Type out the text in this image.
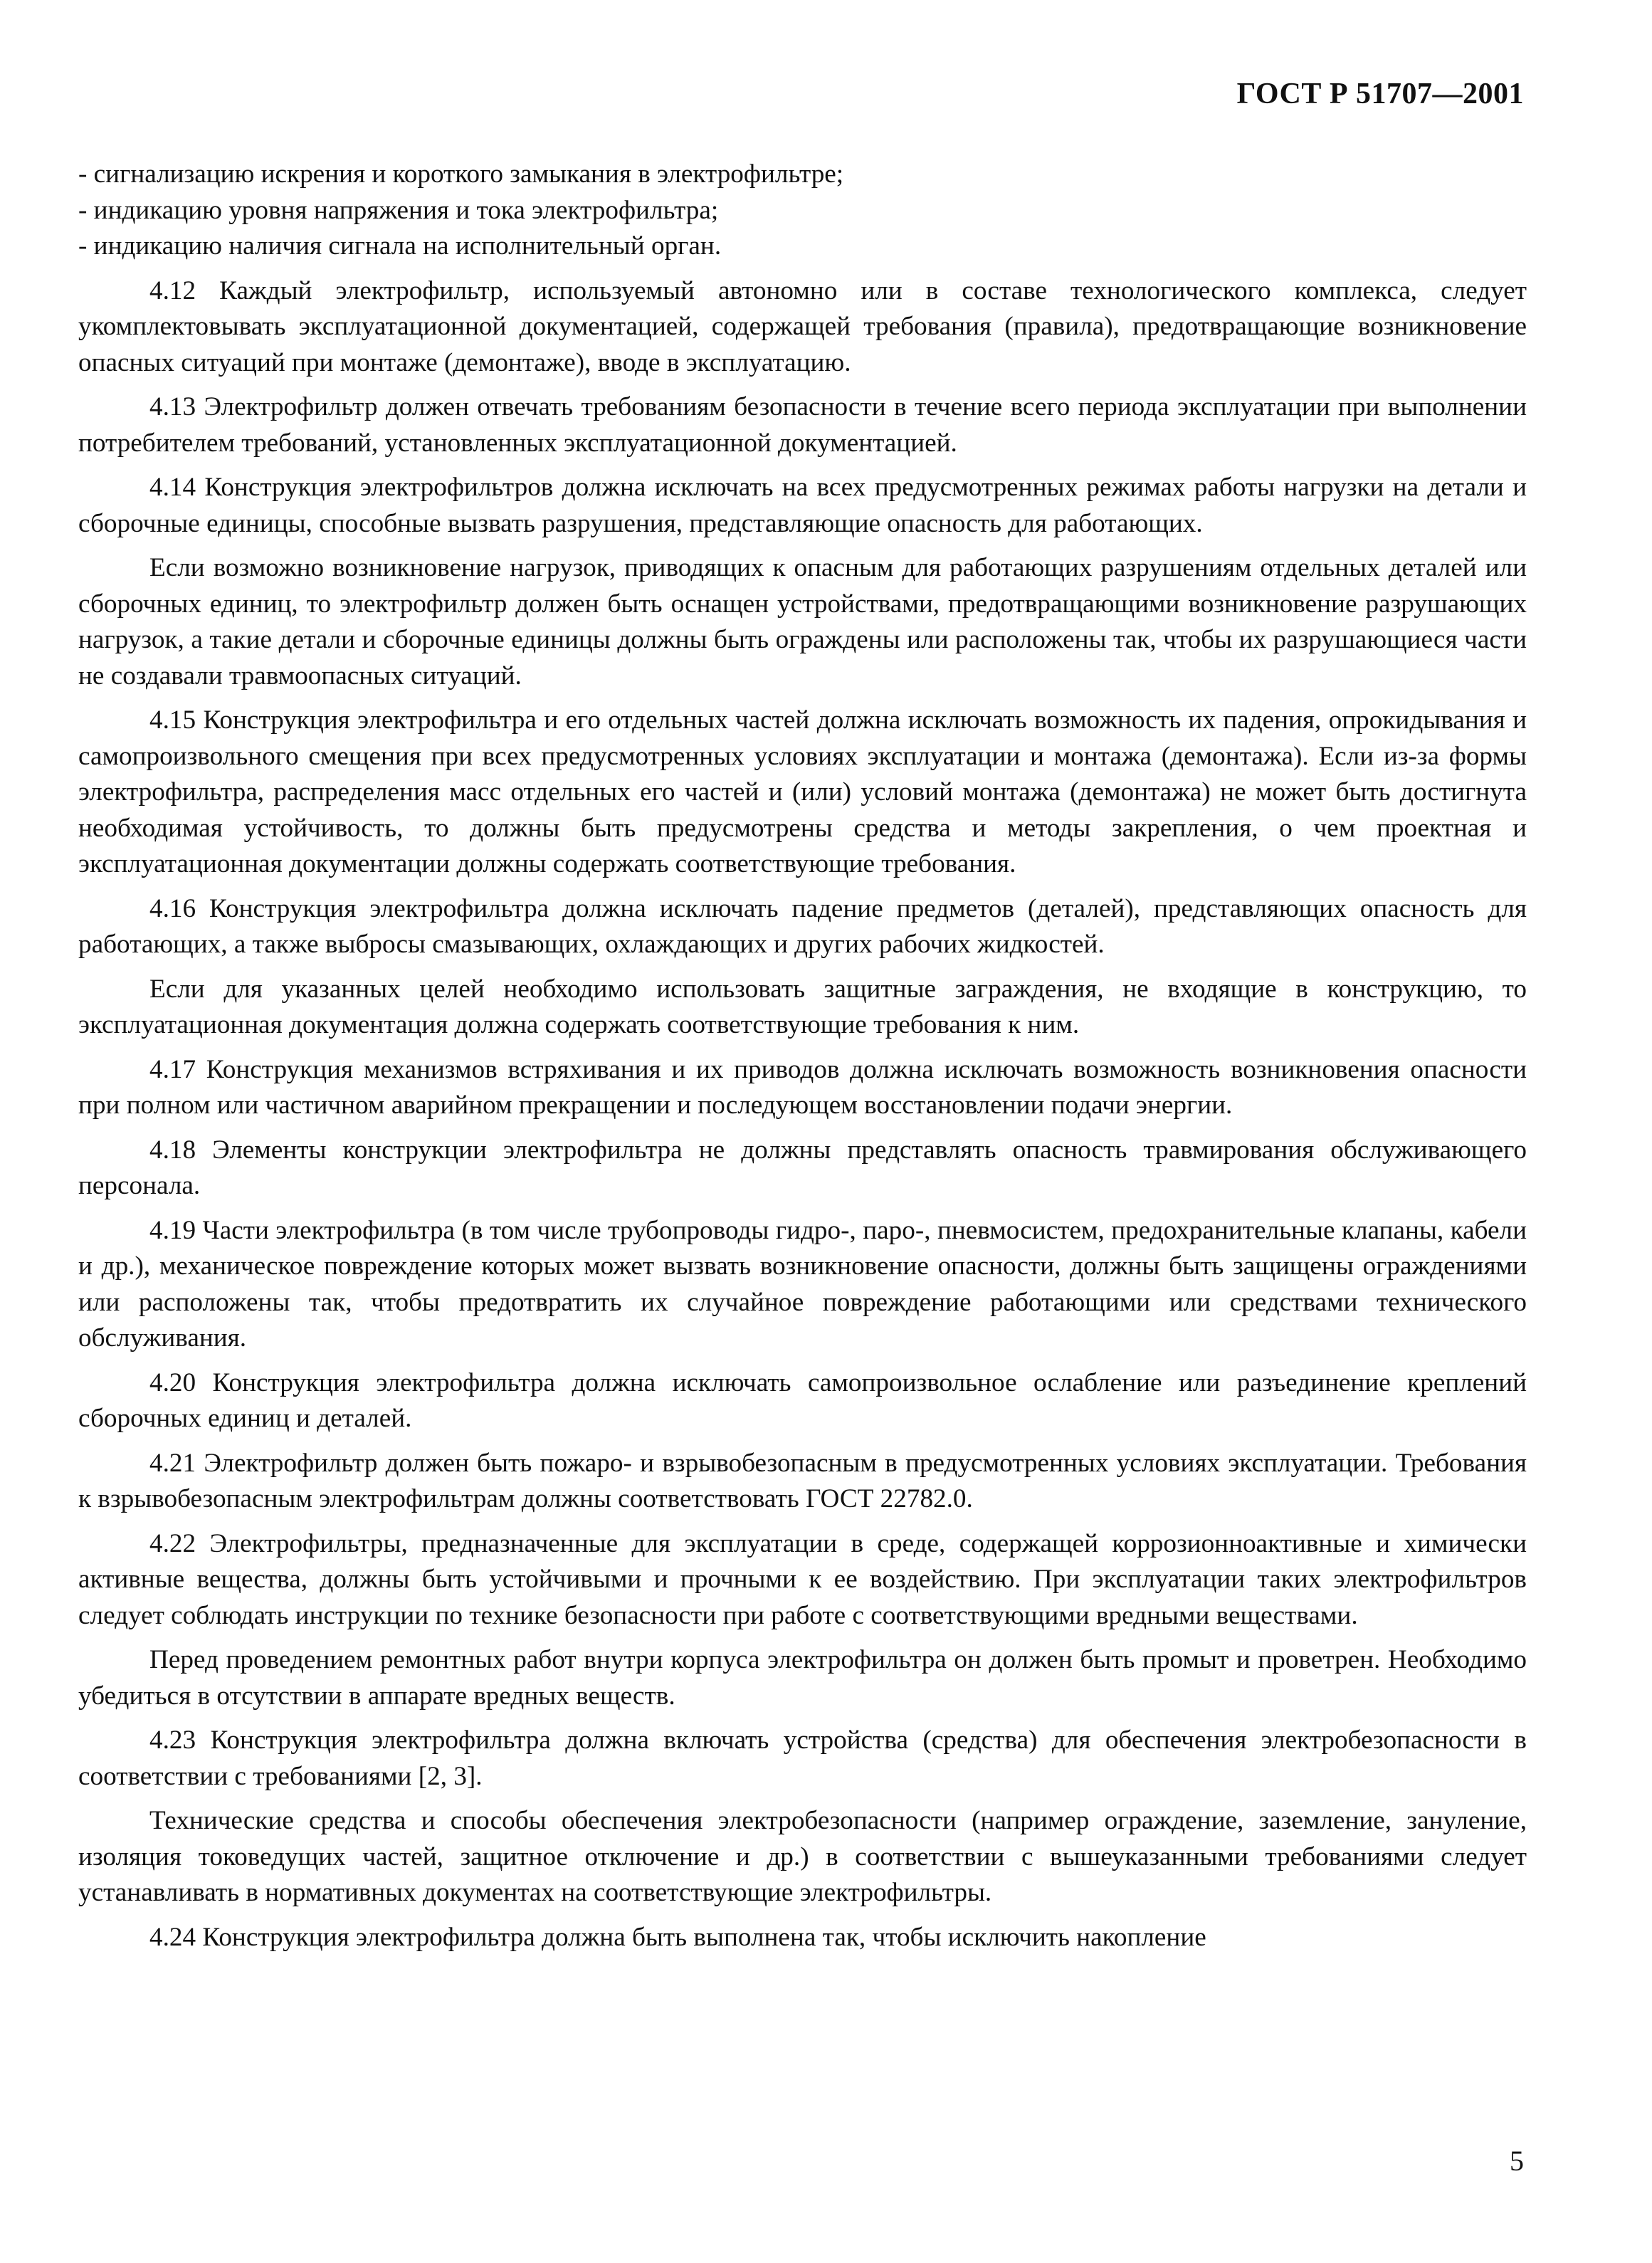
ГОСТ Р 51707—2001

- сигнализацию искрения и короткого замыкания в электрофильтре;

- индикацию уровня напряжения и тока электрофильтра;

- индикацию наличия сигнала на исполнительный орган.

4.12 Каждый электрофильтр, используемый автономно или в составе технологического комплекса, следует укомплектовывать эксплуатационной документацией, содержащей требования (правила), предотвращающие возникновение опасных ситуаций при монтаже (демонтаже), вводе в эксплуатацию.

4.13 Электрофильтр должен отвечать требованиям безопасности в течение всего периода эксплуатации при выполнении потребителем требований, установленных эксплуатационной документацией.

4.14 Конструкция электрофильтров должна исключать на всех предусмотренных режимах работы нагрузки на детали и сборочные единицы, способные вызвать разрушения, представляющие опасность для работающих.

Если возможно возникновение нагрузок, приводящих к опасным для работающих разрушениям отдельных деталей или сборочных единиц, то электрофильтр должен быть оснащен устройствами, предотвращающими возникновение разрушающих нагрузок, а такие детали и сборочные единицы должны быть ограждены или расположены так, чтобы их разрушающиеся части не создавали травмоопасных ситуаций.

4.15 Конструкция электрофильтра и его отдельных частей должна исключать возможность их падения, опрокидывания и самопроизвольного смещения при всех предусмотренных условиях эксплуатации и монтажа (демонтажа). Если из-за формы электрофильтра, распределения масс отдельных его частей и (или) условий монтажа (демонтажа) не может быть достигнута необходимая устойчивость, то должны быть предусмотрены средства и методы закрепления, о чем проектная и эксплуатационная документации должны содержать соответствующие требования.

4.16 Конструкция электрофильтра должна исключать падение предметов (деталей), представляющих опасность для работающих, а также выбросы смазывающих, охлаждающих и других рабочих жидкостей.

Если для указанных целей необходимо использовать защитные заграждения, не входящие в конструкцию, то эксплуатационная документация должна содержать соответствующие требования к ним.

4.17 Конструкция механизмов встряхивания и их приводов должна исключать возможность возникновения опасности при полном или частичном аварийном прекращении и последующем восстановлении подачи энергии.

4.18 Элементы конструкции электрофильтра не должны представлять опасность травмирования обслуживающего персонала.

4.19 Части электрофильтра (в том числе трубопроводы гидро-, паро-, пневмосистем, предохранительные клапаны, кабели и др.), механическое повреждение которых может вызвать возникновение опасности, должны быть защищены ограждениями или расположены так, чтобы предотвратить их случайное повреждение работающими или средствами технического обслуживания.

4.20 Конструкция электрофильтра должна исключать самопроизвольное ослабление или разъединение креплений сборочных единиц и деталей.

4.21 Электрофильтр должен быть пожаро- и взрывобезопасным в предусмотренных условиях эксплуатации. Требования к взрывобезопасным электрофильтрам должны соответствовать ГОСТ 22782.0.

4.22 Электрофильтры, предназначенные для эксплуатации в среде, содержащей коррозионноактивные и химически активные вещества, должны быть устойчивыми и прочными к ее воздействию. При эксплуатации таких электрофильтров следует соблюдать инструкции по технике безопасности при работе с соответствующими вредными веществами.

Перед проведением ремонтных работ внутри корпуса электрофильтра он должен быть промыт и проветрен. Необходимо убедиться в отсутствии в аппарате вредных веществ.

4.23 Конструкция электрофильтра должна включать устройства (средства) для обеспечения электробезопасности в соответствии с требованиями [2, 3].

Технические средства и способы обеспечения электробезопасности (например ограждение, заземление, зануление, изоляция токоведущих частей, защитное отключение и др.) в соответствии с вышеуказанными требованиями следует устанавливать в нормативных документах на соответствующие электрофильтры.

4.24 Конструкция электрофильтра должна быть выполнена так, чтобы исключить накопление

5
